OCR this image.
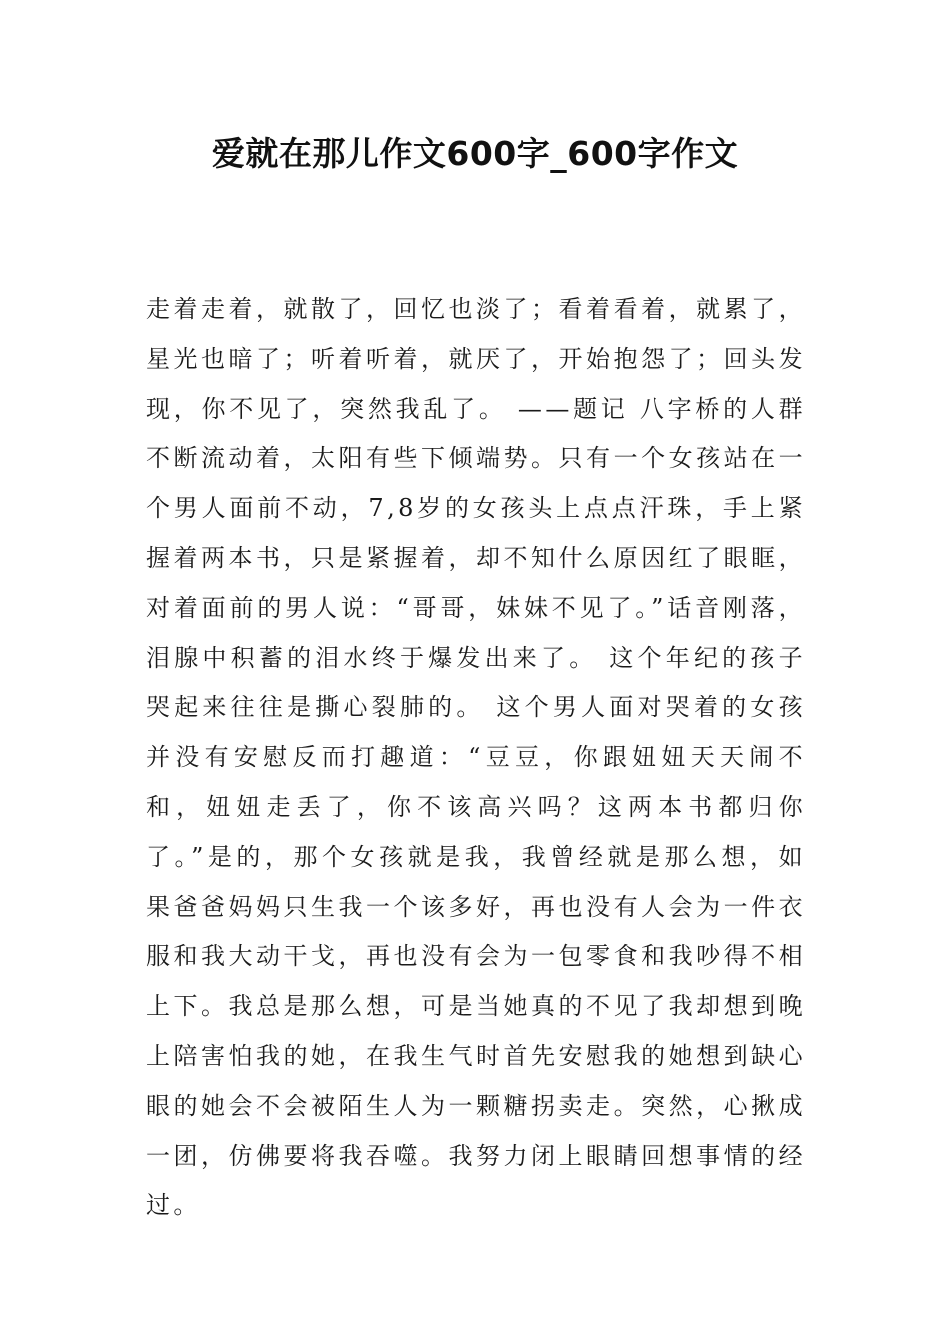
爱就在那儿作文600字_600字作文

走着走着，就散了，回忆也淡了；看着看着，就累了，星光也暗了；听着听着，就厌了，开始抱怨了；回头发现，你不见了，突然我乱了。 ——题记 八字桥的人群不断流动着，太阳有些下倾端势。只有一个女孩站在一个男人面前不动，7,8岁的女孩头上点点汗珠，手上紧握着两本书，只是紧握着，却不知什么原因红了眼眶，对着面前的男人说：“哥哥，妹妹不见了。”话音刚落，泪腺中积蓄的泪水终于爆发出来了。 这个年纪的孩子哭起来往往是撕心裂肺的。 这个男人面对哭着的女孩并没有安慰反而打趣道：“豆豆，你跟妞妞天天闹不和，妞妞走丢了，你不该高兴吗？这两本书都归你了。”是的，那个女孩就是我，我曾经就是那么想，如果爸爸妈妈只生我一个该多好，再也没有人会为一件衣服和我大动干戈，再也没有会为一包零食和我吵得不相上下。我总是那么想，可是当她真的不见了我却想到晚上陪害怕我的她，在我生气时首先安慰我的她想到缺心眼的她会不会被陌生人为一颗糖拐卖走。突然，心揪成一团，仿佛要将我吞噬。我努力闭上眼睛回想事情的经过。
